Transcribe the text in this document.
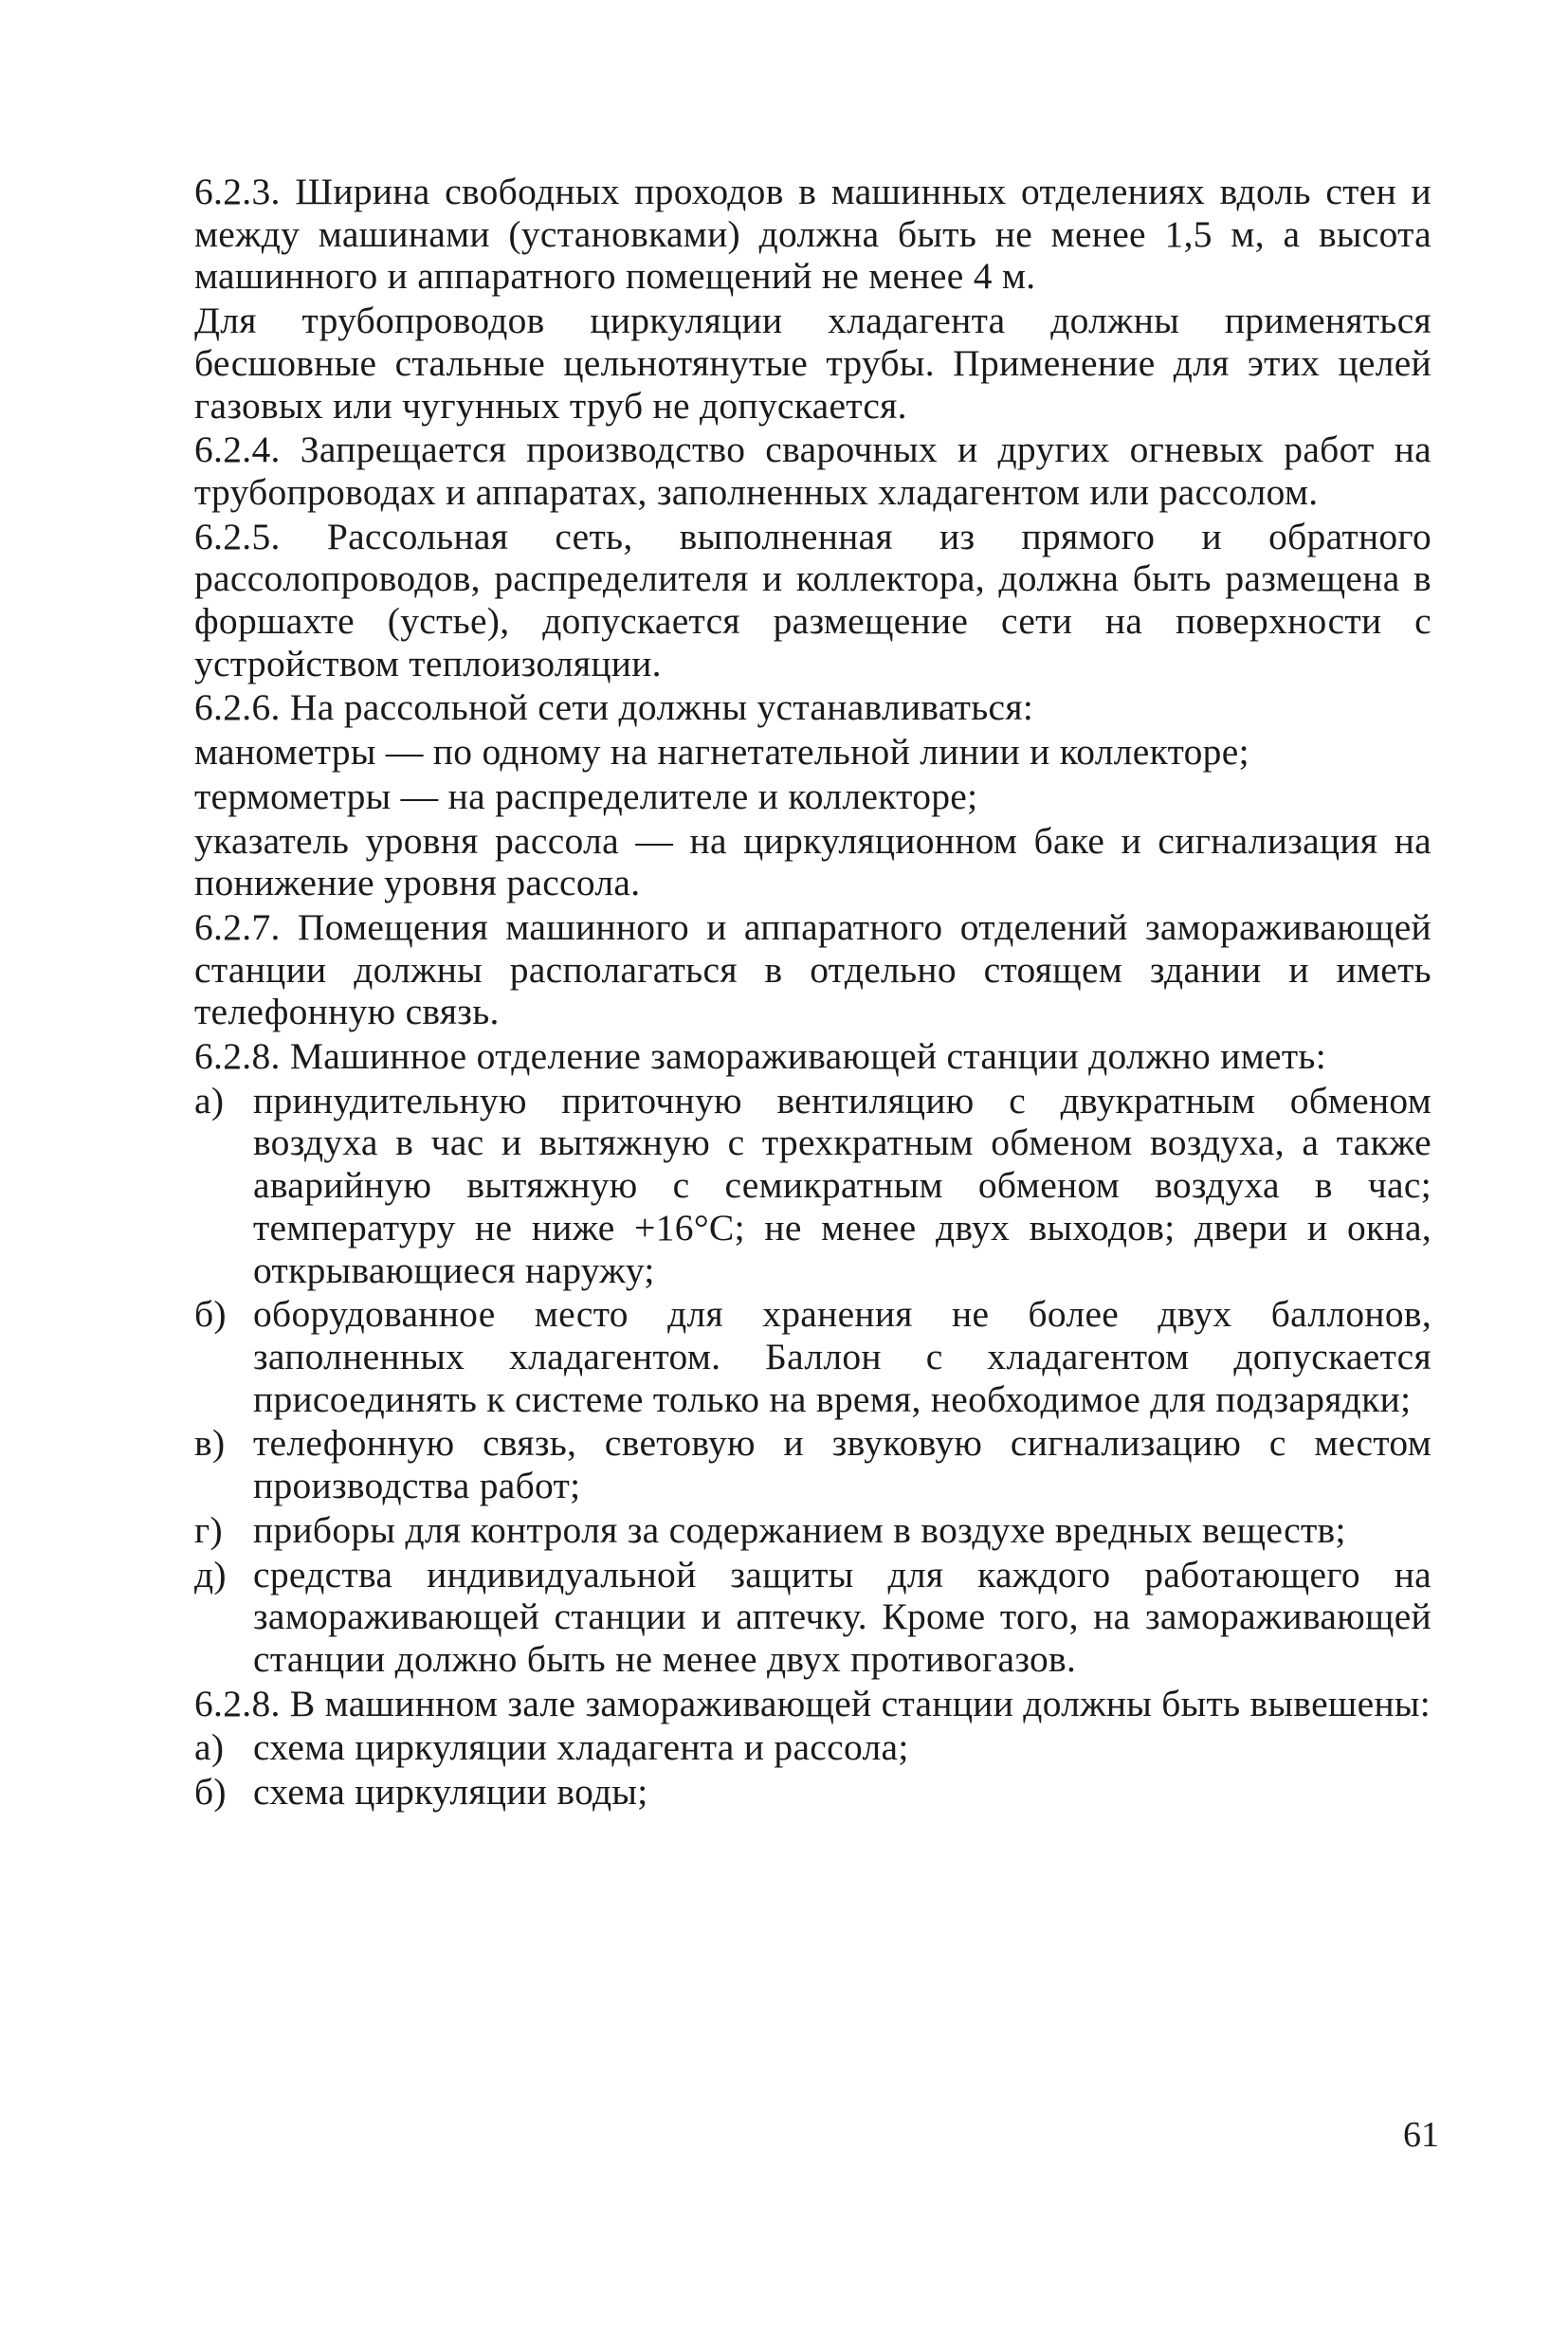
6.2.3. Ширина свободных проходов в машинных отделениях вдоль стен и между машинами (установками) должна быть не менее 1,5 м, а высота машинного и аппаратного помещений не менее 4 м.

Для трубопроводов циркуляции хладагента должны применяться бесшовные стальные цельнотянутые трубы. Применение для этих целей газовых или чугунных труб не допускается.

6.2.4. Запрещается производство сварочных и других огневых работ на трубопроводах и аппаратах, заполненных хладагентом или рассолом.

6.2.5. Рассольная сеть, выполненная из прямого и обратного рассолопроводов, распределителя и коллектора, должна быть размещена в форшахте (устье), допускается размещение сети на поверхности с устройством теплоизоляции.

6.2.6. На рассольной сети должны устанавливаться:

манометры — по одному на нагнетательной линии и коллекторе;

термометры — на распределителе и коллекторе;

указатель уровня рассола — на циркуляционном баке и сигнализация на понижение уровня рассола.

6.2.7. Помещения машинного и аппаратного отделений замораживающей станции должны располагаться в отдельно стоящем здании и иметь телефонную связь.

6.2.8. Машинное отделение замораживающей станции должно иметь:

а) принудительную приточную вентиляцию с двукратным обменом воздуха в час и вытяжную с трехкратным обменом воздуха, а также аварийную вытяжную с семикратным обменом воздуха в час; температуру не ниже +16°С; не менее двух выходов; двери и окна, открывающиеся наружу;
б) оборудованное место для хранения не более двух баллонов, заполненных хладагентом. Баллон с хладагентом допускается присоединять к системе только на время, необходимое для подзарядки;
в) телефонную связь, световую и звуковую сигнализацию с местом производства работ;
г) приборы для контроля за содержанием в воздухе вредных веществ;
д) средства индивидуальной защиты для каждого работающего на замораживающей станции и аптечку. Кроме того, на замораживающей станции должно быть не менее двух противогазов.

6.2.8. В машинном зале замораживающей станции должны быть вывешены:

а) схема циркуляции хладагента и рассола;
б) схема циркуляции воды;
61
